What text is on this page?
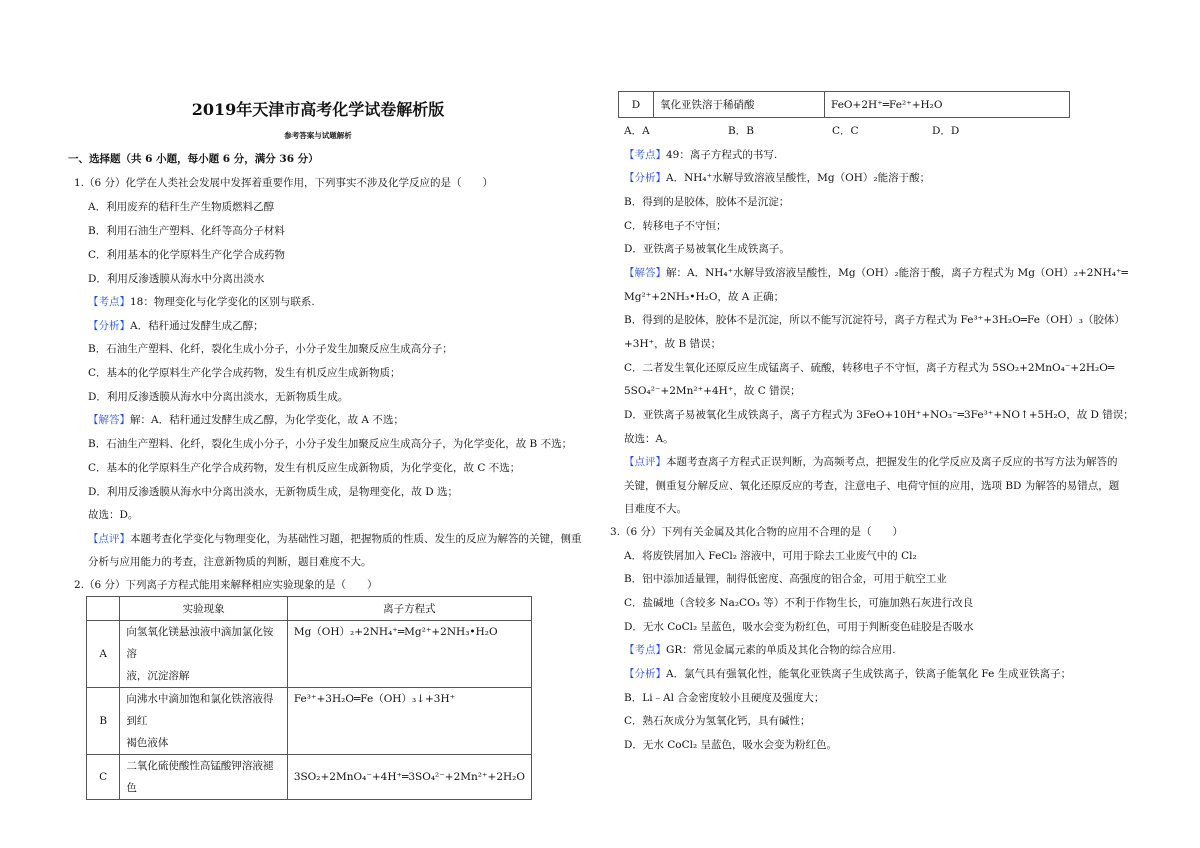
2019年天津市高考化学试卷解析版
参考答案与试题解析
一、选择题（共 6 小题，每小题 6 分，满分 36 分）
1.（6 分）化学在人类社会发展中发挥着重要作用，下列事实不涉及化学反应的是（　　）
A．利用废弃的秸秆生产生物质燃料乙醇
B．利用石油生产塑料、化纤等高分子材料
C．利用基本的化学原料生产化学合成药物
D．利用反渗透膜从海水中分离出淡水
【考点】18：物理变化与化学变化的区别与联系.
【分析】A．秸秆通过发酵生成乙醇；
B．石油生产塑料、化纤，裂化生成小分子，小分子发生加聚反应生成高分子；
C．基本的化学原料生产化学合成药物，发生有机反应生成新物质；
D．利用反渗透膜从海水中分离出淡水，无新物质生成。
【解答】解：A．秸秆通过发酵生成乙醇，为化学变化，故 A 不选；
B．石油生产塑料、化纤，裂化生成小分子，小分子发生加聚反应生成高分子，为化学变化，故 B 不选；
C．基本的化学原料生产化学合成药物，发生有机反应生成新物质，为化学变化，故 C 不选；
D．利用反渗透膜从海水中分离出淡水，无新物质生成，是物理变化，故 D 选；
故选：D。
【点评】本题考查化学变化与物理变化，为基础性习题，把握物质的性质、发生的反应为解答的关键，侧重
分析与应用能力的考查，注意新物质的判断，题目难度不大。
2.（6 分）下列离子方程式能用来解释相应实验现象的是（　　）
	实验现象	离子方程式
A	向氢氧化镁悬浊液中滴加氯化铵溶
液，沉淀溶解	Mg（OH）₂+2NH₄⁺═Mg²⁺+2NH₃•H₂O
B	向沸水中滴加饱和氯化铁溶液得到红
褐色液体	Fe³⁺+3H₂O═Fe（OH）₃↓+3H⁺
C	二氧化硫使酸性高锰酸钾溶液褪色	3SO₂+2MnO₄⁻+4H⁺═3SO₄²⁻+2Mn²⁺+2H₂O
D	氧化亚铁溶于稀硝酸	FeO+2H⁺═Fe²⁺+H₂O
A．A	B．B	C．C	D．D
【考点】49：离子方程式的书写.
【分析】A．NH₄⁺水解导致溶液呈酸性，Mg（OH）₂能溶于酸；
B．得到的是胶体，胶体不是沉淀；
C．转移电子不守恒；
D．亚铁离子易被氧化生成铁离子。
【解答】解：A．NH₄⁺水解导致溶液呈酸性，Mg（OH）₂能溶于酸，离子方程式为 Mg（OH）₂+2NH₄⁺═
Mg²⁺+2NH₃•H₂O，故 A 正确；
B．得到的是胶体，胶体不是沉淀，所以不能写沉淀符号，离子方程式为 Fe³⁺+3H₂O═Fe（OH）₃（胶体）
+3H⁺，故 B 错误；
C．二者发生氧化还原反应生成锰离子、硫酸，转移电子不守恒，离子方程式为 5SO₂+2MnO₄⁻+2H₂O═
5SO₄²⁻+2Mn²⁺+4H⁺，故 C 错误；
D．亚铁离子易被氧化生成铁离子，离子方程式为 3FeO+10H⁺+NO₃⁻═3Fe³⁺+NO↑+5H₂O，故 D 错误；
故选：A。
【点评】本题考查离子方程式正误判断，为高频考点，把握发生的化学反应及离子反应的书写方法为解答的
关键，侧重复分解反应、氧化还原反应的考查，注意电子、电荷守恒的应用，选项 BD 为解答的易错点，题
目难度不大。
3.（6 分）下列有关金属及其化合物的应用不合理的是（　　）
A．将废铁屑加入 FeCl₂ 溶液中，可用于除去工业废气中的 Cl₂
B．铝中添加适量锂，制得低密度、高强度的铝合金，可用于航空工业
C．盐碱地（含较多 Na₂CO₃ 等）不利于作物生长，可施加熟石灰进行改良
D．无水 CoCl₂ 呈蓝色，吸水会变为粉红色，可用于判断变色硅胶是否吸水
【考点】GR：常见金属元素的单质及其化合物的综合应用.
【分析】A．氯气具有强氧化性，能氧化亚铁离子生成铁离子，铁离子能氧化 Fe 生成亚铁离子；
B．Li﹣Al 合金密度较小且硬度及强度大；
C．熟石灰成分为氢氧化钙，具有碱性；
D．无水 CoCl₂ 呈蓝色，吸水会变为粉红色。
